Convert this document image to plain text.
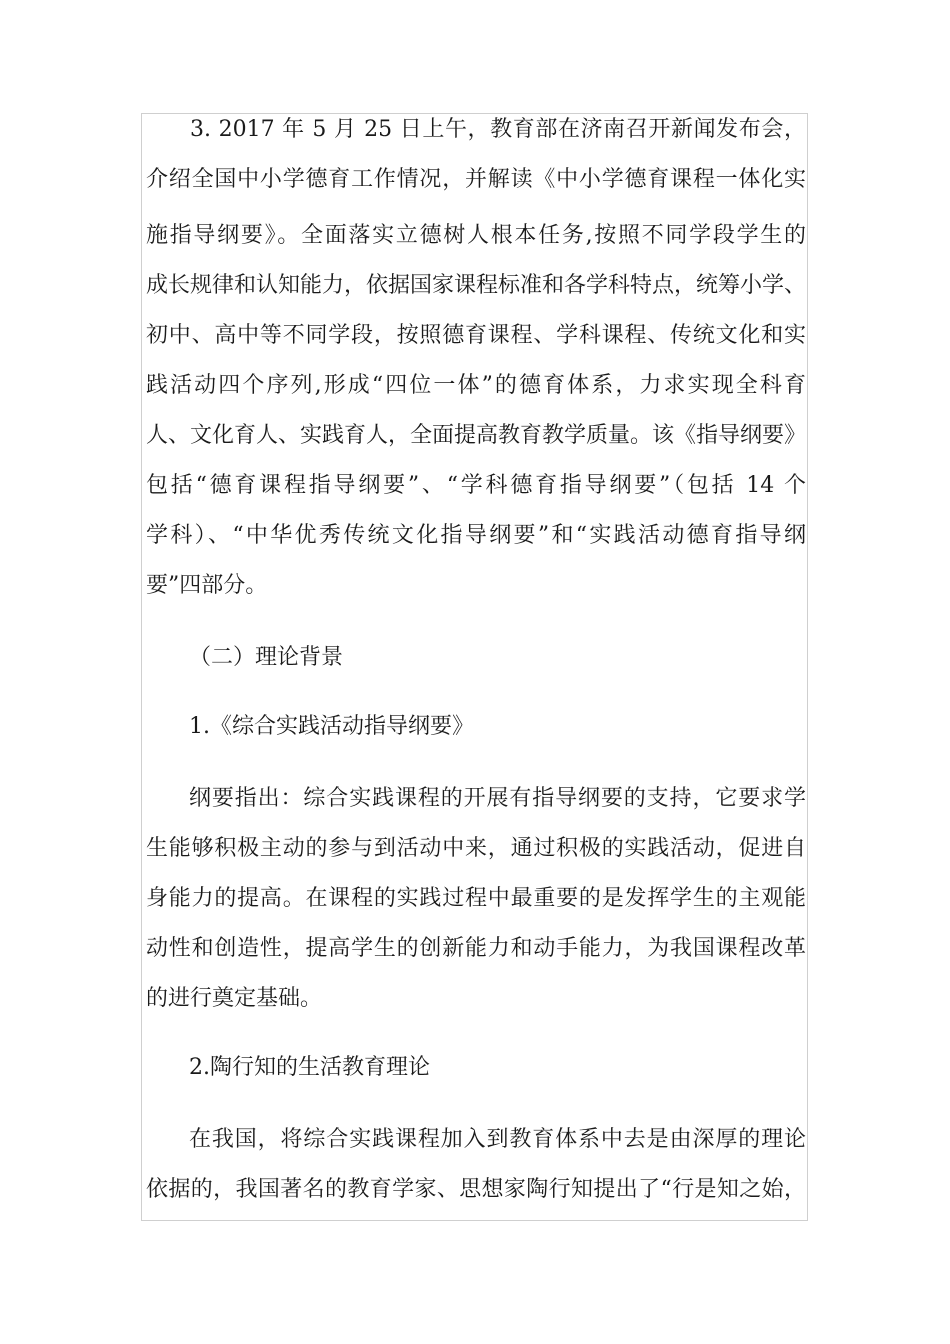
3. 2017 年 5 月 25 日上午，教育部在济南召开新闻发布会，
介绍全国中小学德育工作情况，并解读《中小学德育课程一体化实
施指导纲要》。全面落实立德树人根本任务,按照不同学段学生的
成长规律和认知能力，依据国家课程标准和各学科特点，统筹小学、
初中、高中等不同学段，按照德育课程、学科课程、传统文化和实
践活动四个序列,形成“四位一体”的德育体系，力求实现全科育
人、文化育人、实践育人，全面提高教育教学质量。该《指导纲要》
包括“德育课程指导纲要”、“学科德育指导纲要”（包括 14 个
学科）、“中华优秀传统文化指导纲要”和“实践活动德育指导纲
要”四部分。
（二）理论背景
1.《综合实践活动指导纲要》
纲要指出：综合实践课程的开展有指导纲要的支持，它要求学
生能够积极主动的参与到活动中来，通过积极的实践活动，促进自
身能力的提高。在课程的实践过程中最重要的是发挥学生的主观能
动性和创造性，提高学生的创新能力和动手能力，为我国课程改革
的进行奠定基础。
2.陶行知的生活教育理论
在我国，将综合实践课程加入到教育体系中去是由深厚的理论
依据的，我国著名的教育学家、思想家陶行知提出了“行是知之始，
